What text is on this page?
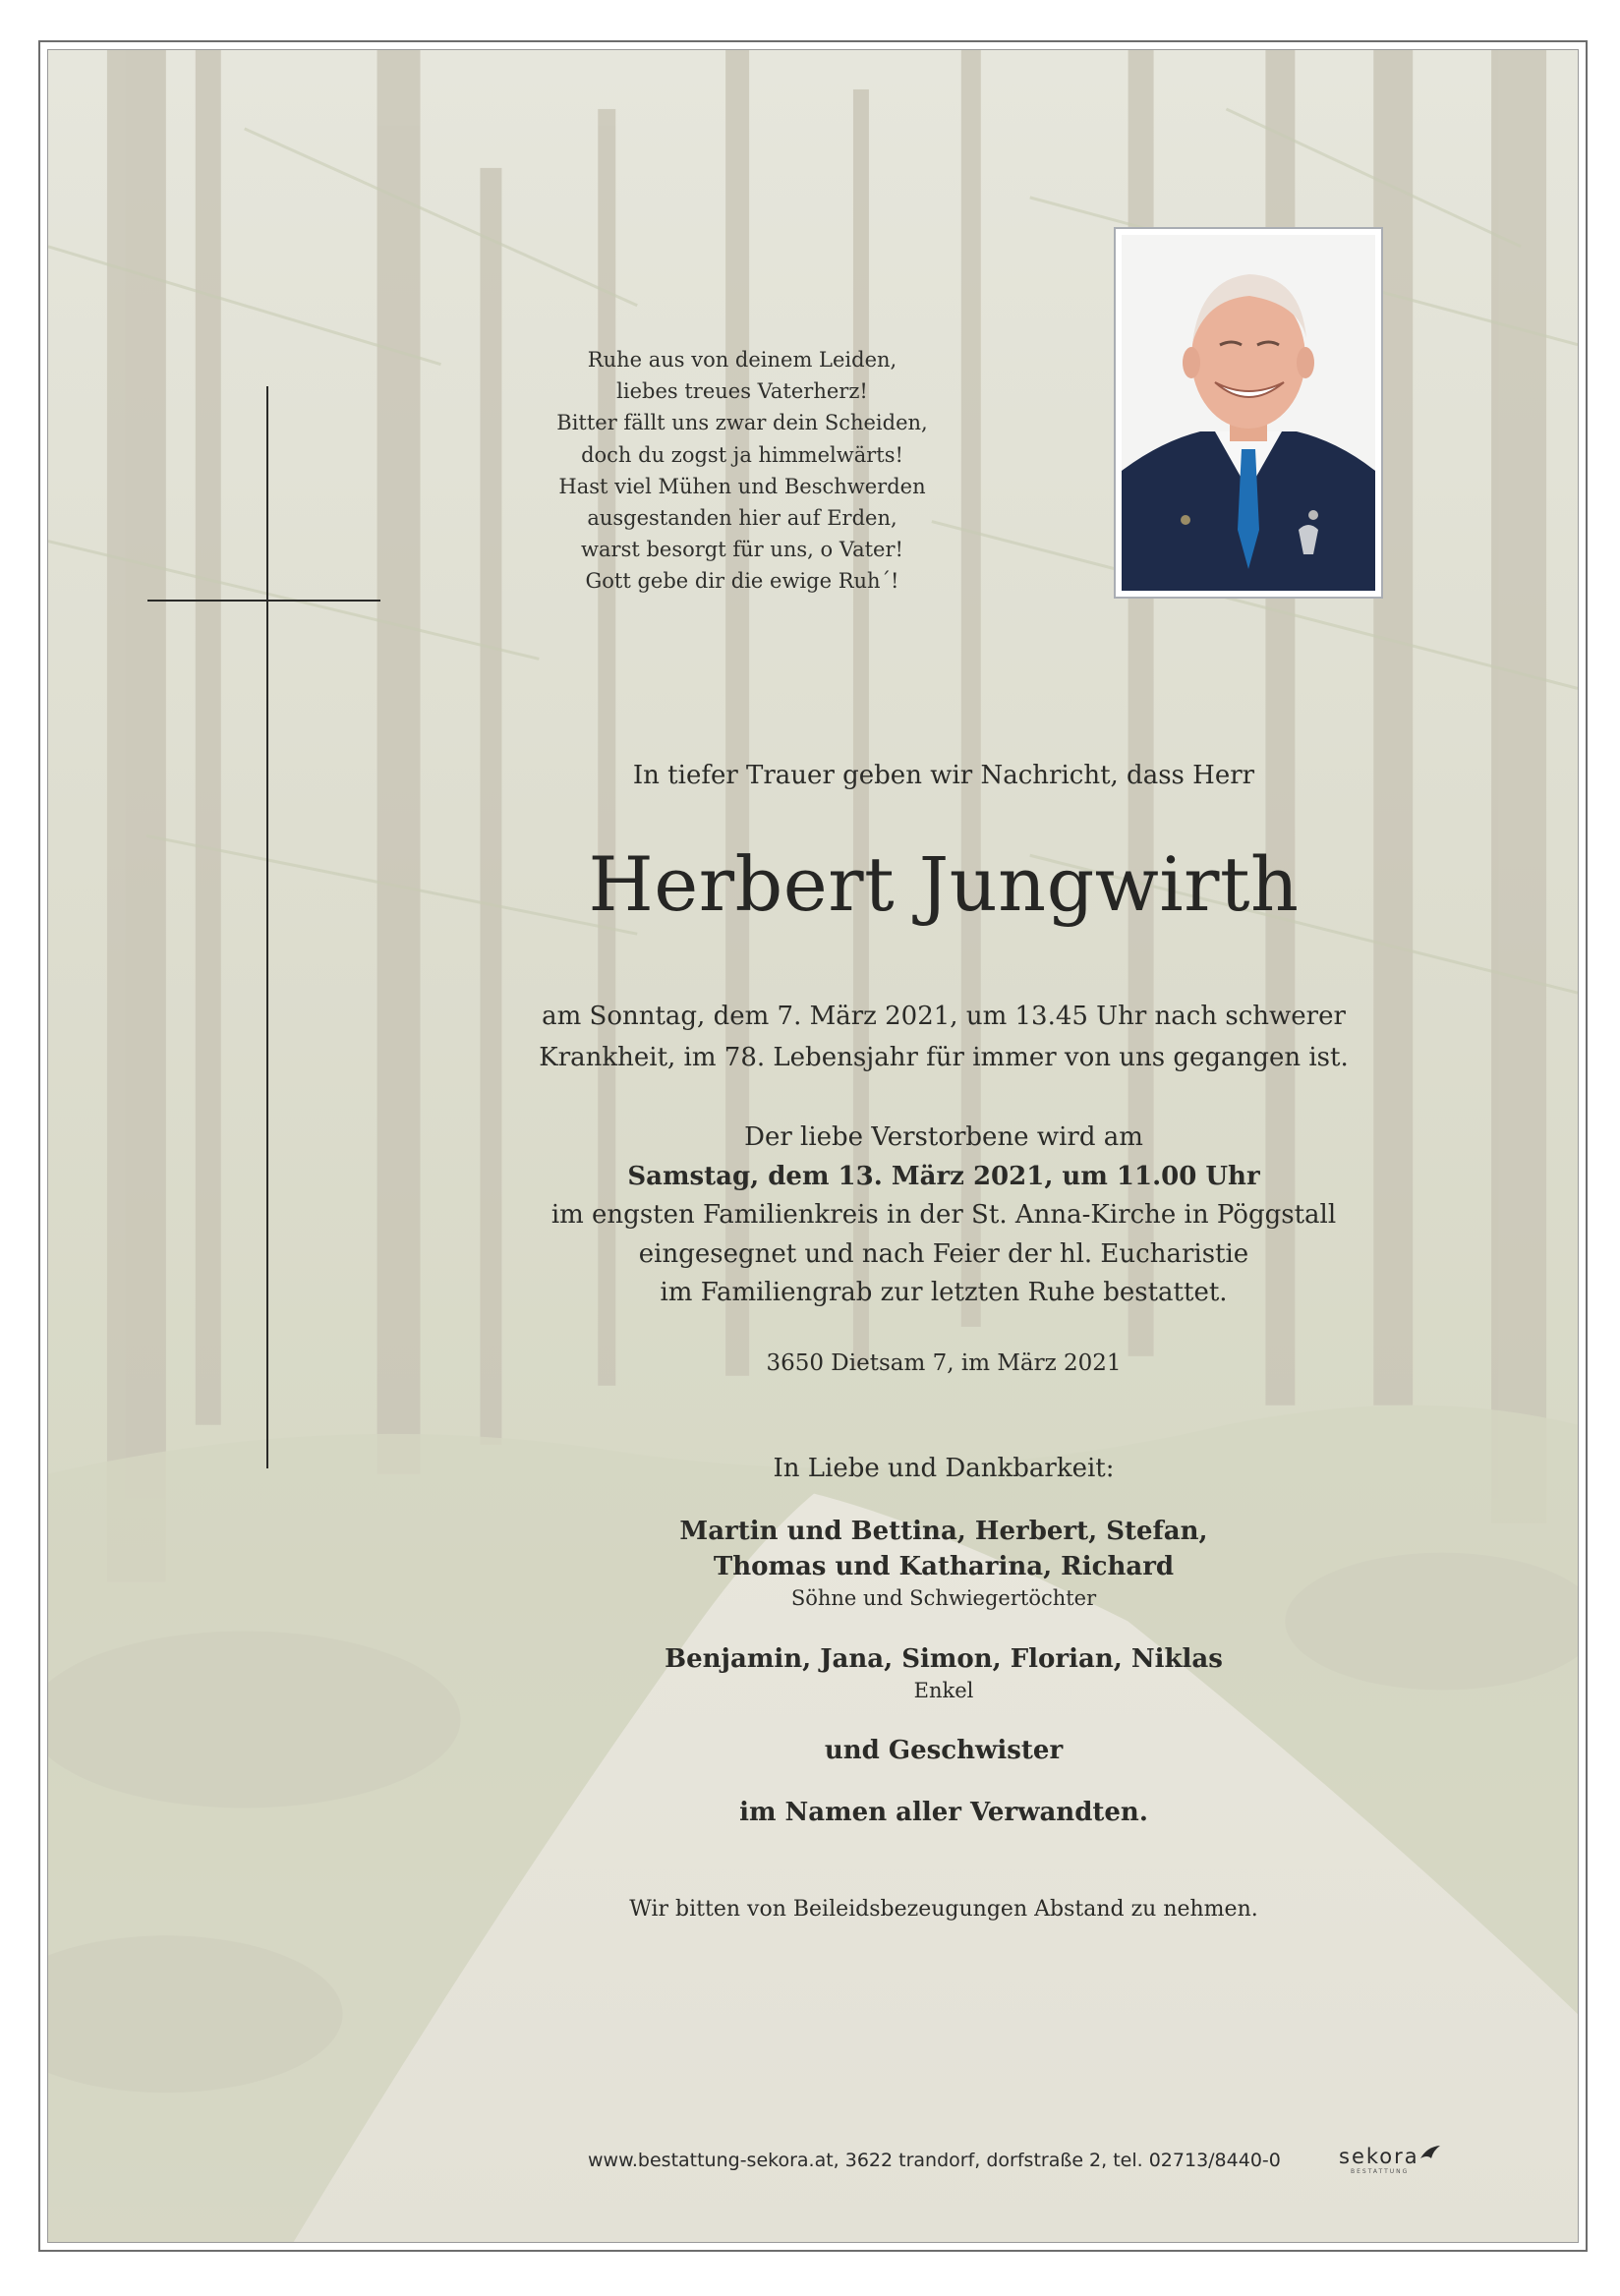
Ruhe aus von deinem Leiden,
liebes treues Vaterherz!
Bitter fällt uns zwar dein Scheiden,
doch du zogst ja himmelwärts!
Hast viel Mühen und Beschwerden
ausgestanden hier auf Erden,
warst besorgt für uns, o Vater!
Gott gebe dir die ewige Ruh´!
In tiefer Trauer geben wir Nachricht, dass Herr
Herbert Jungwirth
am Sonntag, dem 7. März 2021, um 13.45 Uhr nach schwerer
Krankheit, im 78. Lebensjahr für immer von uns gegangen ist.
Der liebe Verstorbene wird am
Samstag, dem 13. März 2021, um 11.00 Uhr
im engsten Familienkreis in der St. Anna-Kirche in Pöggstall
eingesegnet und nach Feier der hl. Eucharistie
im Familiengrab zur letzten Ruhe bestattet.
3650 Dietsam 7, im März 2021
In Liebe und Dankbarkeit:
Martin und Bettina, Herbert, Stefan,
Thomas und Katharina, Richard
Söhne und Schwiegertöchter
Benjamin, Jana, Simon, Florian, Niklas
Enkel
und Geschwister
im Namen aller Verwandten.
Wir bitten von Beileidsbezeugungen Abstand zu nehmen.
www.bestattung-sekora.at, 3622 trandorf, dorfstraße 2, tel. 02713/8440-0	sekora
BESTATTUNG
